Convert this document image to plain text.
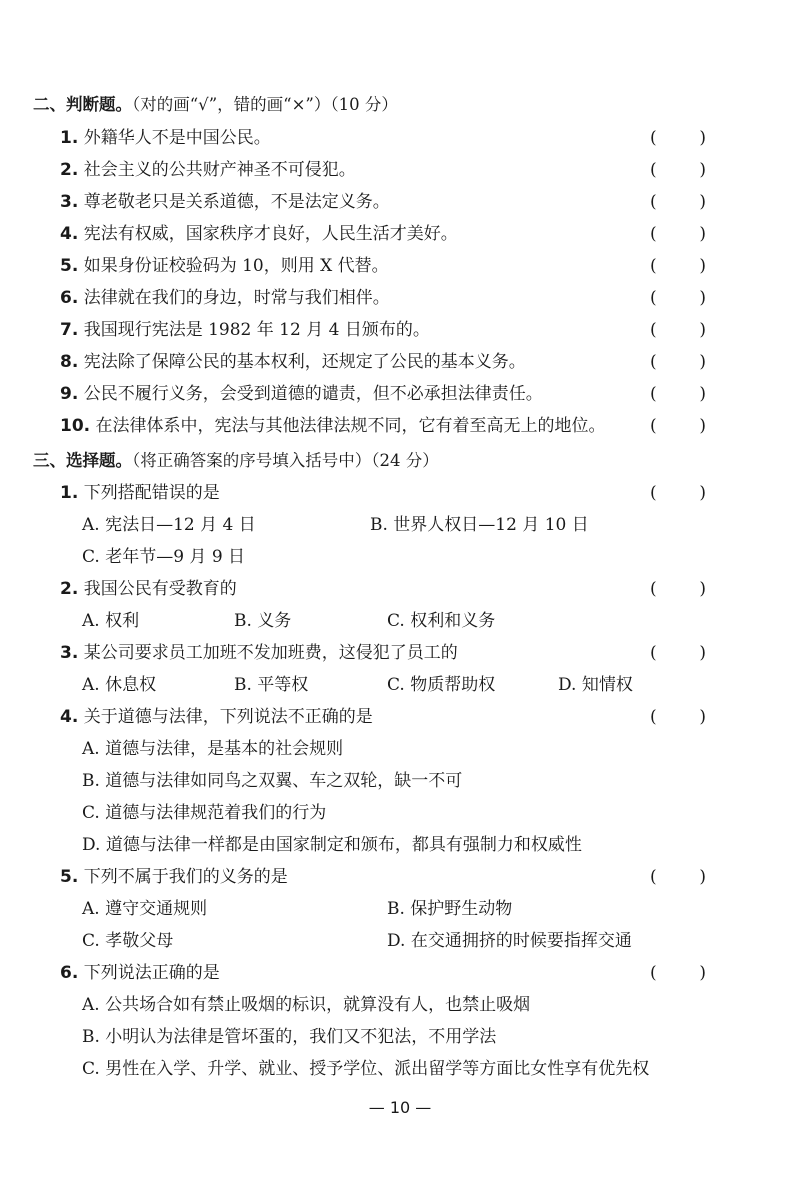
二、判断题。（对的画“√”，错的画“×”）（10 分）
1. 外籍华人不是中国公民。	(	)
2. 社会主义的公共财产神圣不可侵犯。	(	)
3. 尊老敬老只是关系道德，不是法定义务。	(	)
4. 宪法有权威，国家秩序才良好，人民生活才美好。	(	)
5. 如果身份证校验码为 10，则用 X 代替。	(	)
6. 法律就在我们的身边，时常与我们相伴。	(	)
7. 我国现行宪法是 1982 年 12 月 4 日颁布的。	(	)
8. 宪法除了保障公民的基本权利，还规定了公民的基本义务。	(	)
9. 公民不履行义务，会受到道德的谴责，但不必承担法律责任。	(	)
10. 在法律体系中，宪法与其他法律法规不同，它有着至高无上的地位。	(	)
三、选择题。（将正确答案的序号填入括号中）（24 分）
1. 下列搭配错误的是	(	)
A. 宪法日—12 月 4 日	B. 世界人权日—12 月 10 日
C. 老年节—9 月 9 日
2. 我国公民有受教育的	(	)
A. 权利	B. 义务	C. 权利和义务
3. 某公司要求员工加班不发加班费，这侵犯了员工的	(	)
A. 休息权	B. 平等权	C. 物质帮助权	D. 知情权
4. 关于道德与法律，下列说法不正确的是	(	)
A. 道德与法律，是基本的社会规则
B. 道德与法律如同鸟之双翼、车之双轮，缺一不可
C. 道德与法律规范着我们的行为
D. 道德与法律一样都是由国家制定和颁布，都具有强制力和权威性
5. 下列不属于我们的义务的是	(	)
A. 遵守交通规则	B. 保护野生动物
C. 孝敬父母	D. 在交通拥挤的时候要指挥交通
6. 下列说法正确的是	(	)
A. 公共场合如有禁止吸烟的标识，就算没有人，也禁止吸烟
B. 小明认为法律是管坏蛋的，我们又不犯法，不用学法
C. 男性在入学、升学、就业、授予学位、派出留学等方面比女性享有优先权
— 10 —
